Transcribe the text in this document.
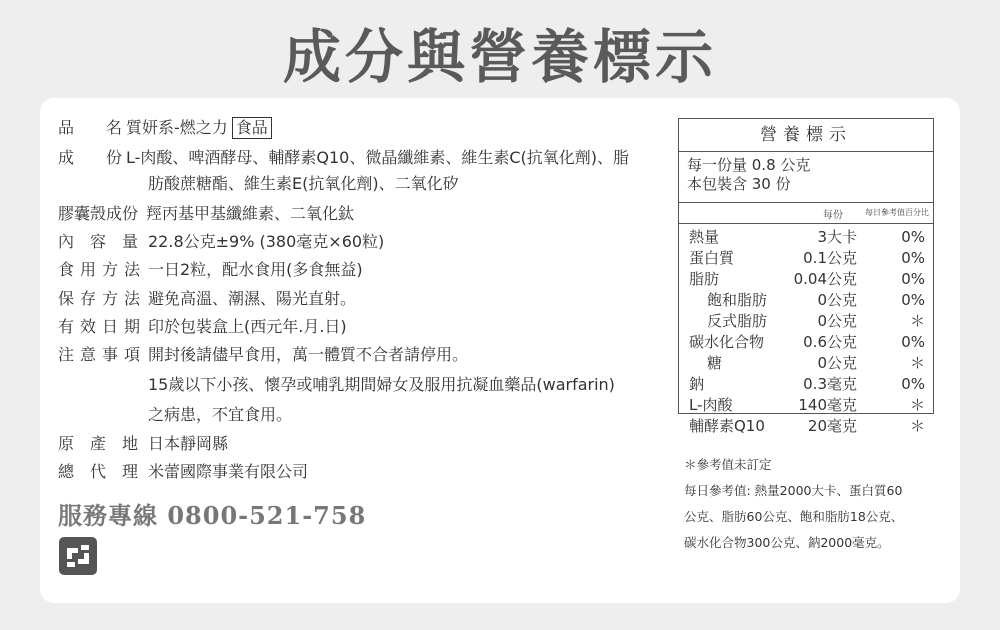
成分與營養標示
品　　名 質妍系-燃之力 食品
成　　份 L-肉酸、啤酒酵母、輔酵素Q10、微晶纖維素、維生素C(抗氧化劑)、脂
肪酸蔗糖酯、維生素E(抗氧化劑)、二氧化矽
膠囊殼成份 羥丙基甲基纖維素、二氧化鈦
內　容　量 22.8公克±9% (380毫克×60粒)
食用方法 一日2粒，配水食用(多食無益)
保存方法 避免高溫、潮濕、陽光直射。
有效日期 印於包裝盒上(西元年.月.日)
注意事項 開封後請儘早食用，萬一體質不合者請停用。
15歲以下小孩、懷孕或哺乳期間婦女及服用抗凝血藥品(warfarin)
之病患，不宜食用。
原　產　地 日本靜岡縣
總　代　理 米蕾國際事業有限公司
服務專線 0800-521-758
營養標示
每一份量 0.8 公克
本包裝含 30 份
每份	每日參考值百分比
熱量	3大卡	0%
蛋白質	0.1公克	0%
脂肪	0.04公克	0%
飽和脂肪	0公克	0%
反式脂肪	0公克	＊
碳水化合物	0.6公克	0%
糖	0公克	＊
鈉	0.3毫克	0%
L-肉酸	140毫克	＊
輔酵素Q10	20毫克	＊
＊參考值未訂定
每日參考值: 熱量2000大卡、蛋白質60
公克、脂肪60公克、飽和脂肪18公克、
碳水化合物300公克、鈉2000毫克。
